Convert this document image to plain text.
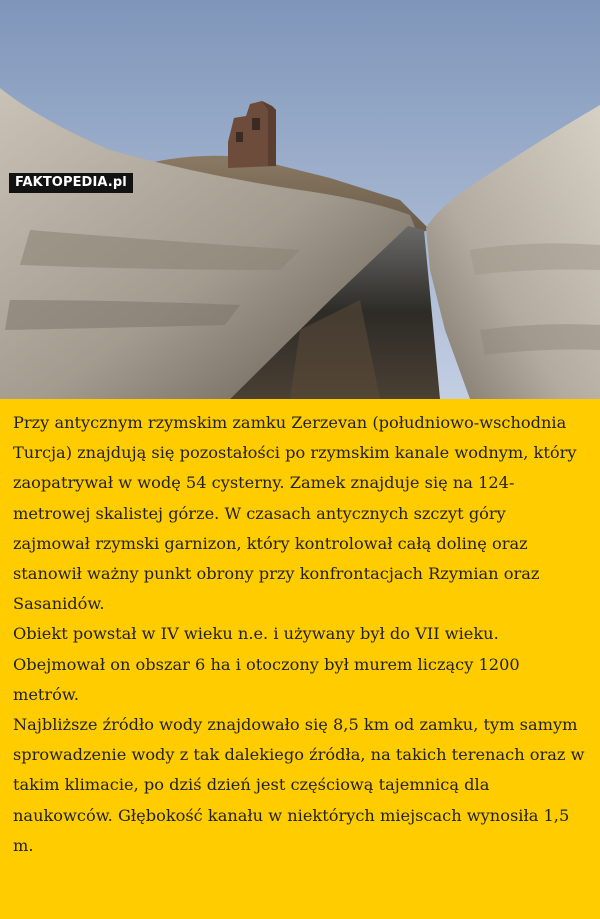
FAKTOPEDIA.pl

Przy antycznym rzymskim zamku Zerzevan (południowo-wschodnia Turcja) znajdują się pozostałości po rzymskim kanale wodnym, który zaopatrywał w wodę 54 cysterny. Zamek znajduje się na 124-metrowej skalistej górze. W czasach antycznych szczyt góry zajmował rzymski garnizon, który kontrolował całą dolinę oraz stanowił ważny punkt obrony przy konfrontacjach Rzymian oraz Sasanidów.

Obiekt powstał w IV wieku n.e. i używany był do VII wieku. Obejmował on obszar 6 ha i otoczony był murem liczący 1200 metrów.

Najbliższe źródło wody znajdowało się 8,5 km od zamku, tym samym sprowadzenie wody z tak dalekiego źródła, na takich terenach oraz w takim klimacie, po dziś dzień jest częściową tajemnicą dla naukowców. Głębokość kanału w niektórych miejscach wynosiła 1,5 m.
